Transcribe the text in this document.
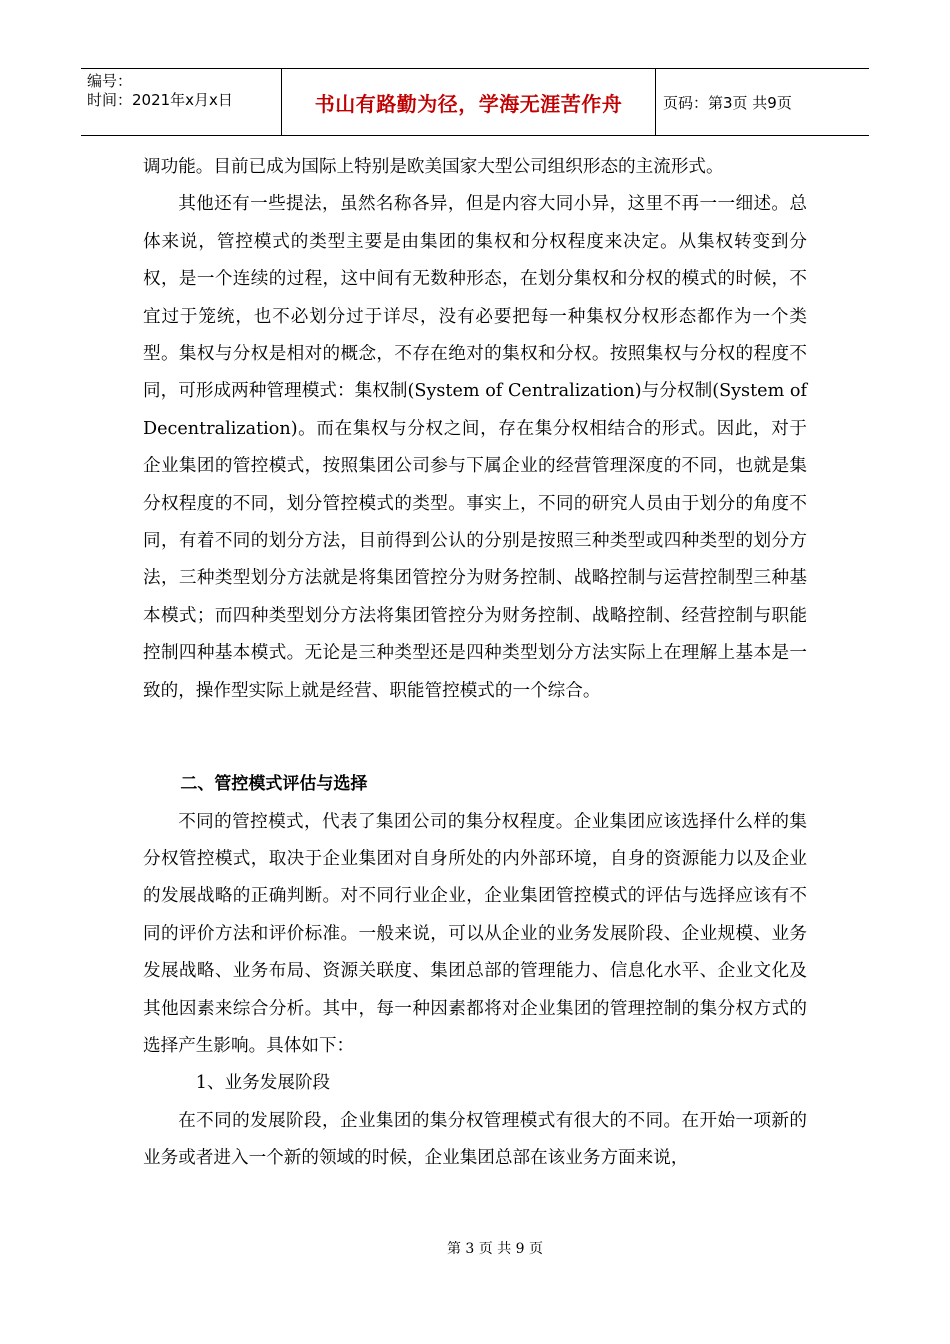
编号：
时间：2021年x月x日	书山有路勤为径，学海无涯苦作舟	页码：第3页 共9页

调功能。目前已成为国际上特别是欧美国家大型公司组织形态的主流形式。

其他还有一些提法，虽然名称各异，但是内容大同小异，这里不再一一细述。总体来说，管控模式的类型主要是由集团的集权和分权程度来决定。从集权转变到分权，是一个连续的过程，这中间有无数种形态，在划分集权和分权的模式的时候，不宜过于笼统，也不必划分过于详尽，没有必要把每一种集权分权形态都作为一个类型。集权与分权是相对的概念，不存在绝对的集权和分权。按照集权与分权的程度不同，可形成两种管理模式：集权制(System of Centralization)与分权制(System of Decentralization)。而在集权与分权之间，存在集分权相结合的形式。因此，对于企业集团的管控模式，按照集团公司参与下属企业的经营管理深度的不同，也就是集分权程度的不同，划分管控模式的类型。事实上，不同的研究人员由于划分的角度不同，有着不同的划分方法，目前得到公认的分别是按照三种类型或四种类型的划分方法，三种类型划分方法就是将集团管控分为财务控制、战略控制与运营控制型三种基本模式；而四种类型划分方法将集团管控分为财务控制、战略控制、经营控制与职能控制四种基本模式。无论是三种类型还是四种类型划分方法实际上在理解上基本是一致的，操作型实际上就是经营、职能管控模式的一个综合。

二、管控模式评估与选择

不同的管控模式，代表了集团公司的集分权程度。企业集团应该选择什么样的集分权管控模式，取决于企业集团对自身所处的内外部环境，自身的资源能力以及企业的发展战略的正确判断。对不同行业企业，企业集团管控模式的评估与选择应该有不同的评价方法和评价标准。一般来说，可以从企业的业务发展阶段、企业规模、业务发展战略、业务布局、资源关联度、集团总部的管理能力、信息化水平、企业文化及其他因素来综合分析。其中，每一种因素都将对企业集团的管理控制的集分权方式的选择产生影响。具体如下：

1、业务发展阶段

在不同的发展阶段，企业集团的集分权管理模式有很大的不同。在开始一项新的业务或者进入一个新的领域的时候，企业集团总部在该业务方面来说，

第 3 页 共 9 页
